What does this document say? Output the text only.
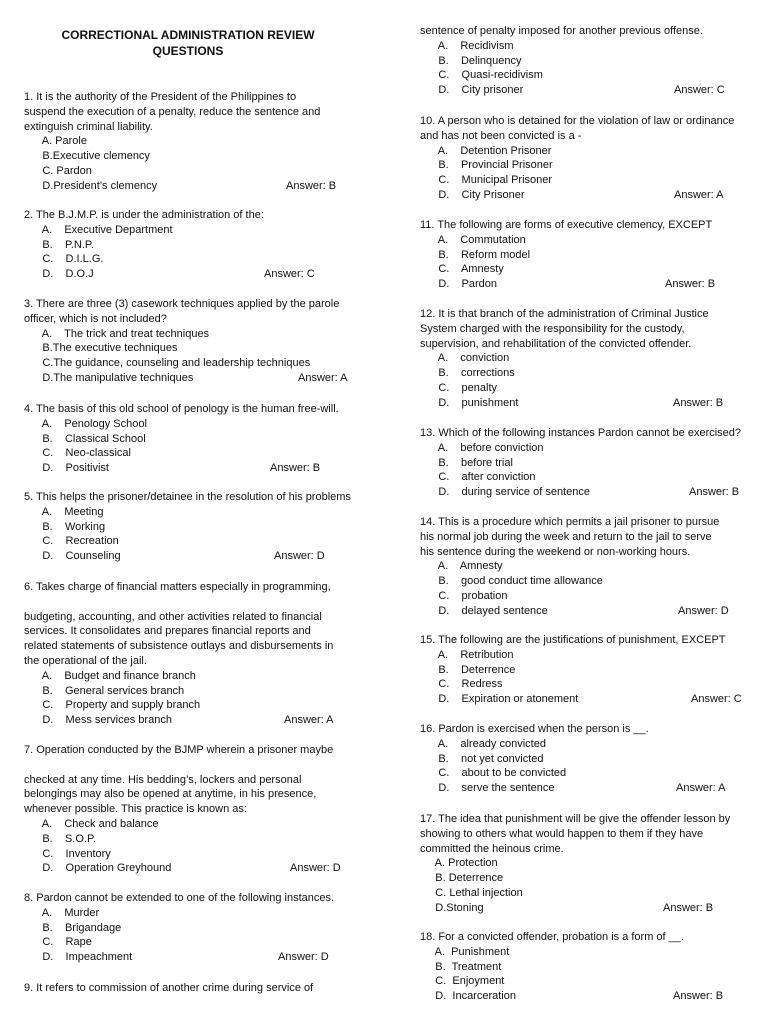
CORRECTIONAL ADMINISTRATION REVIEW
QUESTIONS

1. It is the authority of the President of the Philippines to
suspend the execution of a penalty, reduce the sentence and
extinguish criminal liability.

A. Parole
B.Executive clemency
C. Pardon
D.President’s clemency	Answer: B

2. The B.J.M.P. is under the administration of the:

A.    Executive Department
B.    P.N.P.
C.    D.I.L.G.
D.    D.O.J	Answer: C

3. There are three (3) casework techniques applied by the parole
officer, which is not included?

A.    The trick and treat techniques
B.The executive techniques
C.The guidance, counseling and leadership techniques
D.The manipulative techniques	Answer: A

4. The basis of this old school of penology is the human free-will.

A.    Penology School
B.    Classical School
C.    Neo-classical
D.    Positivist	Answer: B

5. This helps the prisoner/detainee in the resolution of his problems

A.    Meeting
B.    Working
C.    Recreation
D.    Counseling	Answer: D

6. Takes charge of financial matters especially in programming,

budgeting, accounting, and other activities related to financial
services. It consolidates and prepares financial reports and
related statements of subsistence outlays and disbursements in
the operational of the jail.

A.    Budget and finance branch
B.    General services branch
C.    Property and supply branch
D.    Mess services branch	Answer: A

7. Operation conducted by the BJMP wherein a prisoner maybe

checked at any time. His bedding’s, lockers and personal
belongings may also be opened at anytime, in his presence,
whenever possible. This practice is known as:

A.    Check and balance
B.    S.O.P.
C.    Inventory
D.    Operation Greyhound	Answer: D

8. Pardon cannot be extended to one of the following instances.

A.    Murder
B.    Brigandage
C.    Rape
D.    Impeachment	Answer: D

9. It refers to commission of another crime during service of

sentence of penalty imposed for another previous offense.

A.    Recidivism
B.    Delinquency
C.    Quasi-recidivism
D.    City prisoner	Answer: C

10. A person who is detained for the violation of law or ordinance
and has not been convicted is a -

A.    Detention Prisoner
B.    Provincial Prisoner
C.    Municipal Prisoner
D.    City Prisoner	Answer: A

11. The following are forms of executive clemency, EXCEPT

A.    Commutation
B.    Reform model
C.    Amnesty
D.    Pardon	Answer: B

12. It is that branch of the administration of Criminal Justice
System charged with the responsibility for the custody,
supervision, and rehabilitation of the convicted offender.

A.    conviction
B.    corrections
C.    penalty
D.    punishment	Answer: B

13. Which of the following instances Pardon cannot be exercised?

A.    before conviction
B.    before trial
C.    after conviction
D.    during service of sentence	Answer: B

14. This is a procedure which permits a jail prisoner to pursue
his normal job during the week and return to the jail to serve
his sentence during the weekend or non-working hours.

A.    Amnesty
B.    good conduct time allowance
C.    probation
D.    delayed sentence	Answer: D

15. The following are the justifications of punishment, EXCEPT

A.    Retribution
B.    Deterrence
C.    Redress
D.    Expiration or atonement	Answer: C

16. Pardon is exercised when the person is __.

A.    already convicted
B.    not yet convicted
C.    about to be convicted
D.    serve the sentence	Answer: A

17. The idea that punishment will be give the offender lesson by
showing to others what would happen to them if they have
committed the heinous crime.

A. Protection
B. Deterrence
C. Lethal injection
D.Stoning	Answer: B

18. For a convicted offender, probation is a form of __.

A.  Punishment
B.  Treatment
C.  Enjoyment
D.  Incarceration	Answer: B
